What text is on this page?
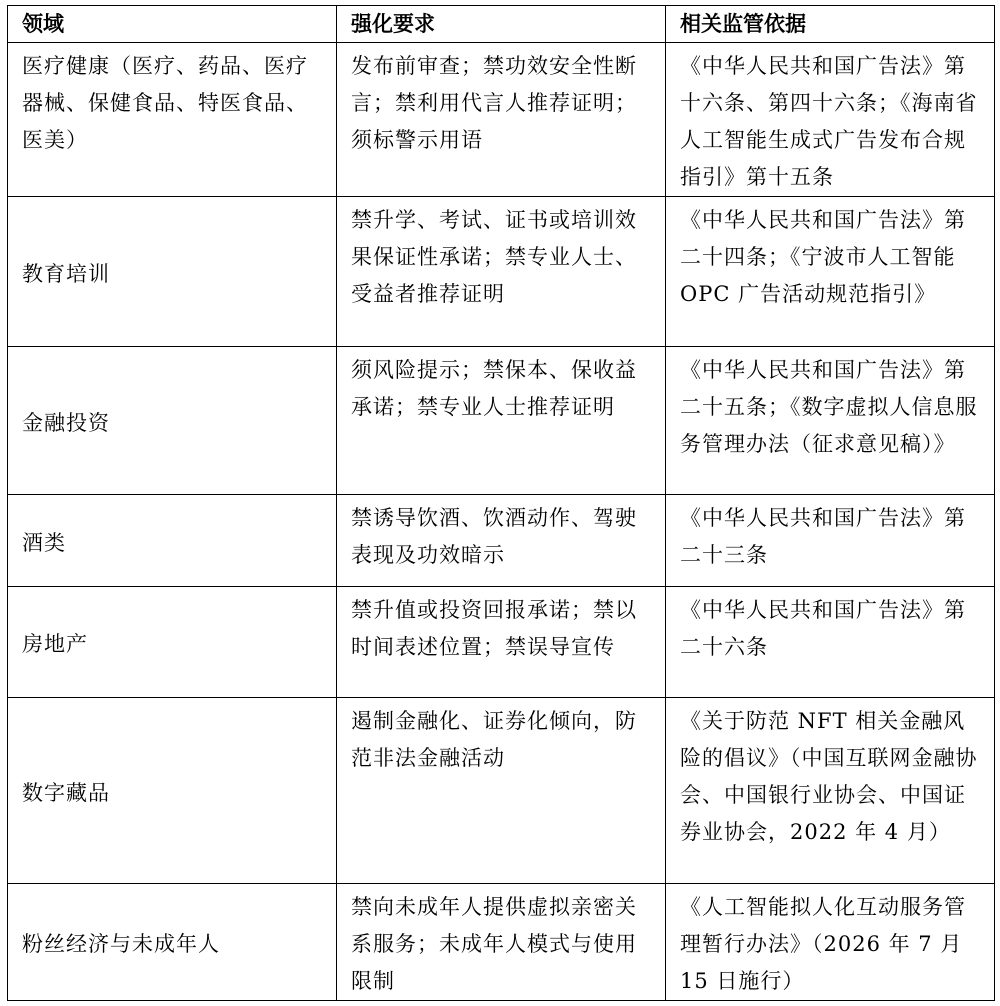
领域	强化要求	相关监管依据
医疗健康（医疗、药品、医疗器械、保健食品、特医食品、医美）	发布前审查；禁功效安全性断言；禁利用代言人推荐证明；须标警示用语	《中华人民共和国广告法》第十六条、第四十六条；《海南省人工智能生成式广告发布合规指引》第十五条
教育培训	禁升学、考试、证书或培训效果保证性承诺；禁专业人士、受益者推荐证明	《中华人民共和国广告法》第二十四条；《宁波市人工智能 OPC 广告活动规范指引》
金融投资	须风险提示；禁保本、保收益承诺；禁专业人士推荐证明	《中华人民共和国广告法》第二十五条；《数字虚拟人信息服务管理办法（征求意见稿）》
酒类	禁诱导饮酒、饮酒动作、驾驶表现及功效暗示	《中华人民共和国广告法》第二十三条
房地产	禁升值或投资回报承诺；禁以时间表述位置；禁误导宣传	《中华人民共和国广告法》第二十六条
数字藏品	遏制金融化、证券化倾向，防范非法金融活动	《关于防范 NFT 相关金融风险的倡议》（中国互联网金融协会、中国银行业协会、中国证券业协会，2022 年 4 月）
粉丝经济与未成年人	禁向未成年人提供虚拟亲密关系服务；未成年人模式与使用限制	《人工智能拟人化互动服务管理暂行办法》（2026 年 7 月 15 日施行）
